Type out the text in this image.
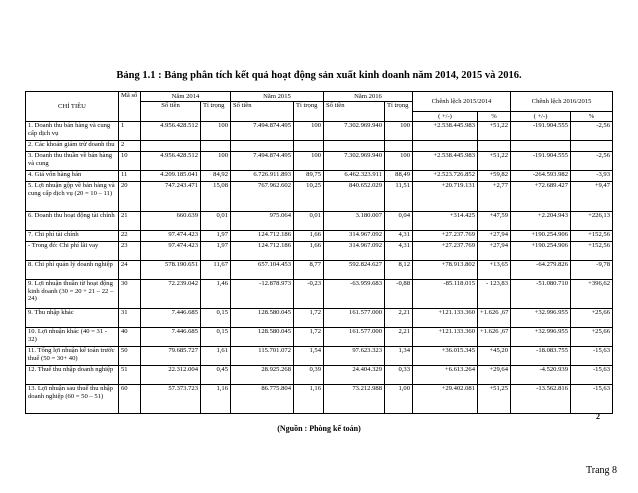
Bảng 1.1 : Bảng phân tích kết quả hoạt động sản xuất kinh doanh năm 2014, 2015 và 2016.
CHỈ TIÊU	Mã số	Năm 2014		Năm 2015		Năm 2016		Chênh lệch 2015/2014		Chênh lệch 2016/2015	
		Số tiền	Tỉ trọng	Số tiền	Tỉ trọng	Số tiền	Tỉ trọng				
								( +/-)	%	( +/-)	%
1. Doanh thu bán hàng và cung cấp dịch vụ	1	4.956.428.512	100	7.494.874.495	100	7.302.969.940	100	+2.538.445.983	+51,22	-191.904.555	-2,56
2. Các khoản giảm trừ doanh thu	2										
3. Doanh thu thuần về bán hàng và cung	10	4.956.428.512	100	7.494.874.495	100	7.302.969.940	100	+2.538.445.983	+51,22	-191.904.555	-2,56
4. Giá vốn hàng bán	11	4.209.185.041	84,92	6.726.911.893	89,75	6.462.323.911	88,49	+2.523.726.852	+59,82	-264.593.982	-3,93
5. Lợi nhuận gộp về bán hàng và cung cấp dịch vụ (20 = 10 – 11)	20	747.243.471	15,08	767.962.602	10,25	840.652.029	11,51	+20.719.131	+2,77	+72.689.427	+9,47
6. Doanh thu hoạt động tài chính	21	660.639	0,01	975.064	0,01	3.180.007	0,04	+314.425	+47,59	+2.204.943	+226,13
7. Chi phí tài chính	22	97.474.423	1,97	124.712.186	1,66	314.967.092	4,31	+27.237.769	+27,94	+190.254.906	+152,56
- Trong đó: Chi phí lãi vay	23	97.474.423	1,97	124.712.186	1,66	314.967.092	4,31	+27.237.769	+27,94	+190.254.906	+152,56
8. Chi phí quản lý doanh nghiệp	24	578.190.651	11,67	657.104.453	8,77	592.824.627	8,12	+78.913.802	+13,65	-64.279.826	-9,78
9. Lợi nhuận thuần từ hoạt động kinh doanh (30 = 20 + 21 – 22 – 24)	30	72.239.042	1,46	-12.878.973	-0,23	-63.959.683	-0,88	-85.118.015	- 123,83	-51.080.710	+396,62
9. Thu nhập khác	31	7.446.685	0,15	128.580.045	1,72	161.577.000	2,21	+121.133.360	+1.626 ,67	+32.996.955	+25,66
10. Lợi nhuận khác (40 = 31 - 32)	40	7.446.685	0,15	128.580.045	1,72	161.577.000	2,21	+121.133.360	+1.626 ,67	+32.996.955	+25,66
11. Tổng lợi nhuận kế toán trước thuế (50 = 30+ 40)	50	79.685.727	1,61	115.701.072	1,54	97.623.323	1,34	+36.015.345	+45,20	-18.083.755	-15,63
12. Thuế thu nhập doanh nghiệp	51	22.312.004	0,45	28.925.268	0,39	24.404.329	0,33	+6.613.264	+29,64	-4.520.939	-15,63
13. Lợi nhuận sau thuế thu nhập doanh nghiệp (60 = 50 – 51)	60	57.373.723	1,16	86.775.804	1,16	73.212.988	1,00	+29.402.081	+51,25	-13.562.816	-15,63
2
(Nguồn : Phòng kế toán)
Trang 8
